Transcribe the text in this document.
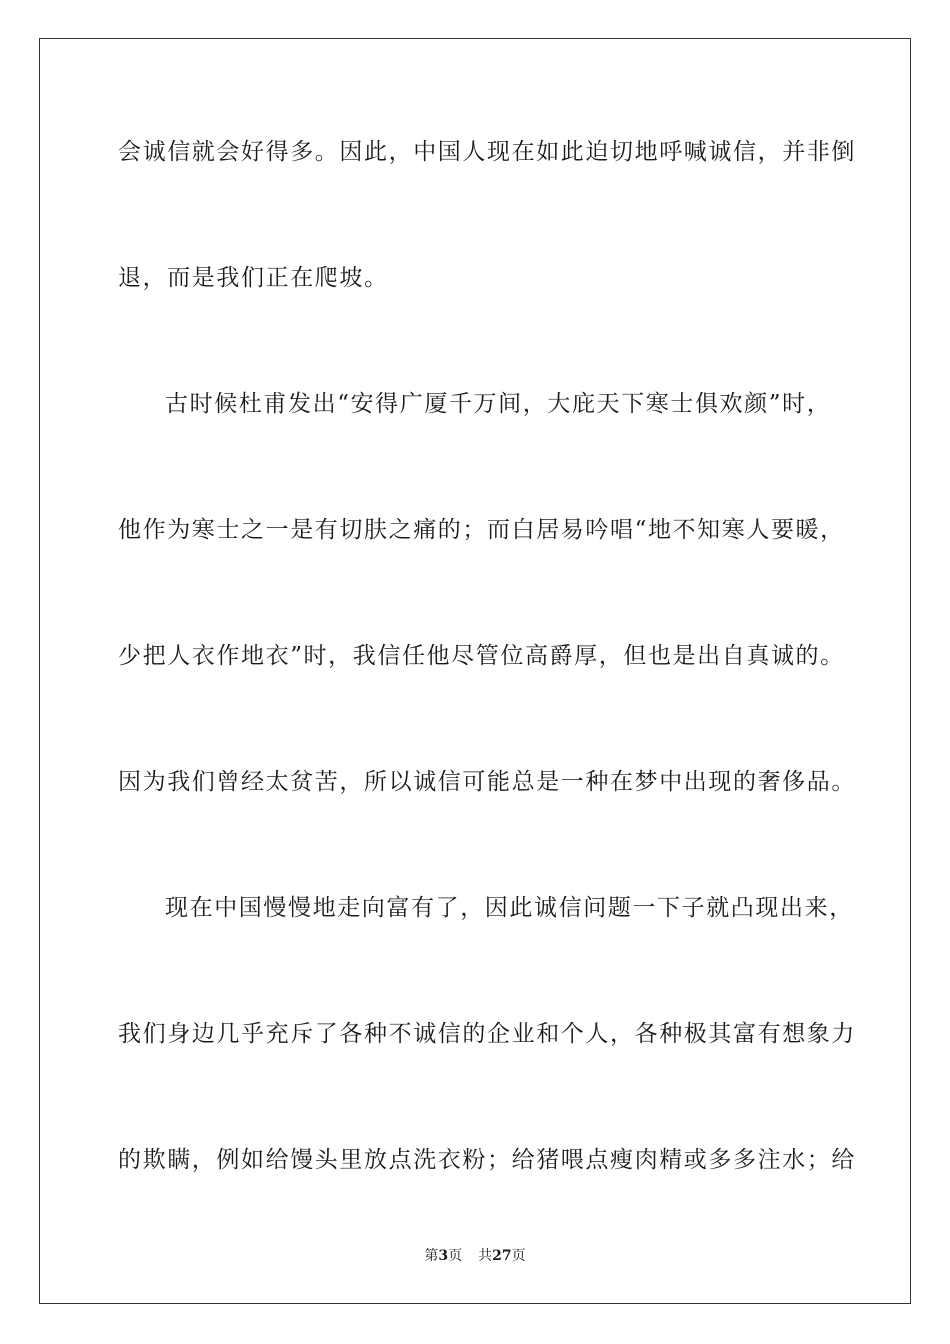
会诚信就会好得多。因此，中国人现在如此迫切地呼喊诚信，并非倒
退，而是我们正在爬坡。
古时候杜甫发出“安得广厦千万间，大庇天下寒士俱欢颜”时，
他作为寒士之一是有切肤之痛的；而白居易吟唱“地不知寒人要暖，
少把人衣作地衣”时，我信任他尽管位高爵厚，但也是出自真诚的。
因为我们曾经太贫苦，所以诚信可能总是一种在梦中出现的奢侈品。
现在中国慢慢地走向富有了，因此诚信问题一下子就凸现出来，
我们身边几乎充斥了各种不诚信的企业和个人，各种极其富有想象力
的欺瞒，例如给馒头里放点洗衣粉；给猪喂点瘦肉精或多多注水；给
第3页 共27页
